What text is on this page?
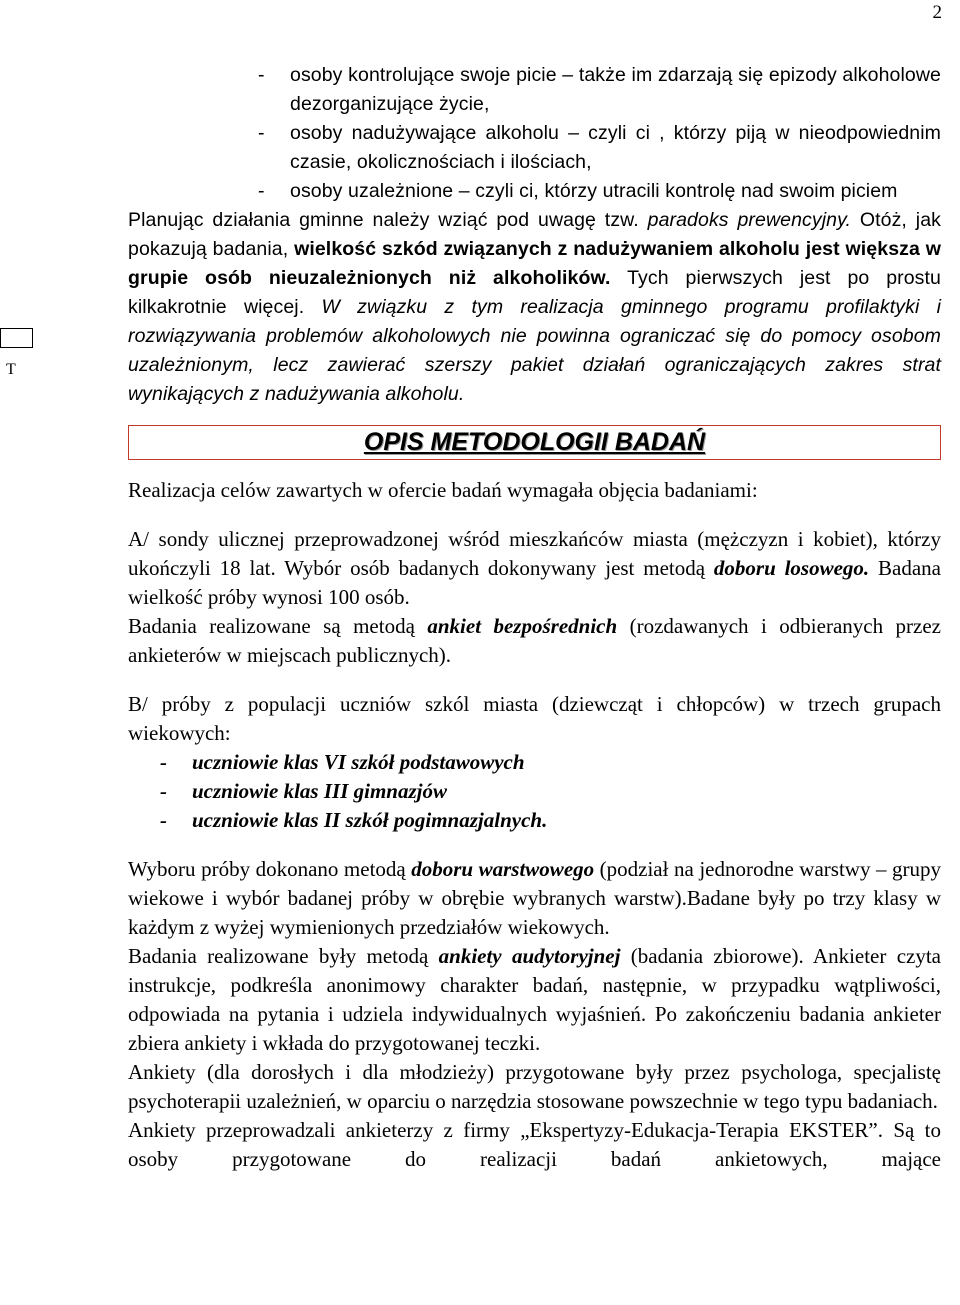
2
T
- osoby kontrolujące swoje picie – także im zdarzają się epizody alkoholowe dezorganizujące życie,
- osoby nadużywające alkoholu – czyli ci , którzy piją w nieodpowiednim czasie, okolicznościach i ilościach,
- osoby uzależnione – czyli ci, którzy utracili kontrolę nad swoim piciem

Planując działania gminne należy wziąć pod uwagę tzw. paradoks prewencyjny. Otóż, jak pokazują badania, wielkość szkód związanych z nadużywaniem alkoholu jest większa w grupie osób nieuzależnionych niż alkoholików. Tych pierwszych jest po prostu kilkakrotnie więcej. W związku z tym realizacja gminnego programu profilaktyki i rozwiązywania problemów alkoholowych nie powinna ograniczać się do pomocy osobom uzależnionym, lecz zawierać szerszy pakiet działań ograniczających zakres strat wynikających z nadużywania alkoholu.

OPIS METODOLOGII BADAŃ

Realizacja celów zawartych w ofercie badań wymagała objęcia badaniami:

A/ sondy ulicznej przeprowadzonej wśród mieszkańców miasta (mężczyzn i kobiet), którzy ukończyli 18 lat. Wybór osób badanych dokonywany jest metodą doboru losowego. Badana wielkość próby wynosi 100 osób.
Badania realizowane są metodą ankiet bezpośrednich (rozdawanych i odbieranych przez ankieterów w miejscach publicznych).

B/ próby z populacji uczniów szkól miasta (dziewcząt i chłopców) w trzech grupach wiekowych:

- uczniowie klas VI szkół podstawowych
- uczniowie klas III gimnazjów
- uczniowie klas II szkół pogimnazjalnych.

Wyboru próby dokonano metodą doboru warstwowego (podział na jednorodne warstwy – grupy wiekowe i wybór badanej próby w obrębie wybranych warstw).Badane były po trzy klasy w każdym z wyżej wymienionych przedziałów wiekowych.
Badania realizowane były metodą ankiety audytoryjnej (badania zbiorowe). Ankieter czyta instrukcje, podkreśla anonimowy charakter badań, następnie, w przypadku wątpliwości, odpowiada na pytania i udziela indywidualnych wyjaśnień. Po zakończeniu badania ankieter zbiera ankiety i wkłada do przygotowanej teczki.

Ankiety (dla dorosłych i dla młodzieży) przygotowane były przez psychologa, specjalistę psychoterapii uzależnień, w oparciu o narzędzia stosowane powszechnie w tego typu badaniach.

Ankiety przeprowadzali ankieterzy z firmy „Ekspertyzy-Edukacja-Terapia EKSTER”. Są to osoby przygotowane do realizacji badań ankietowych, mające
